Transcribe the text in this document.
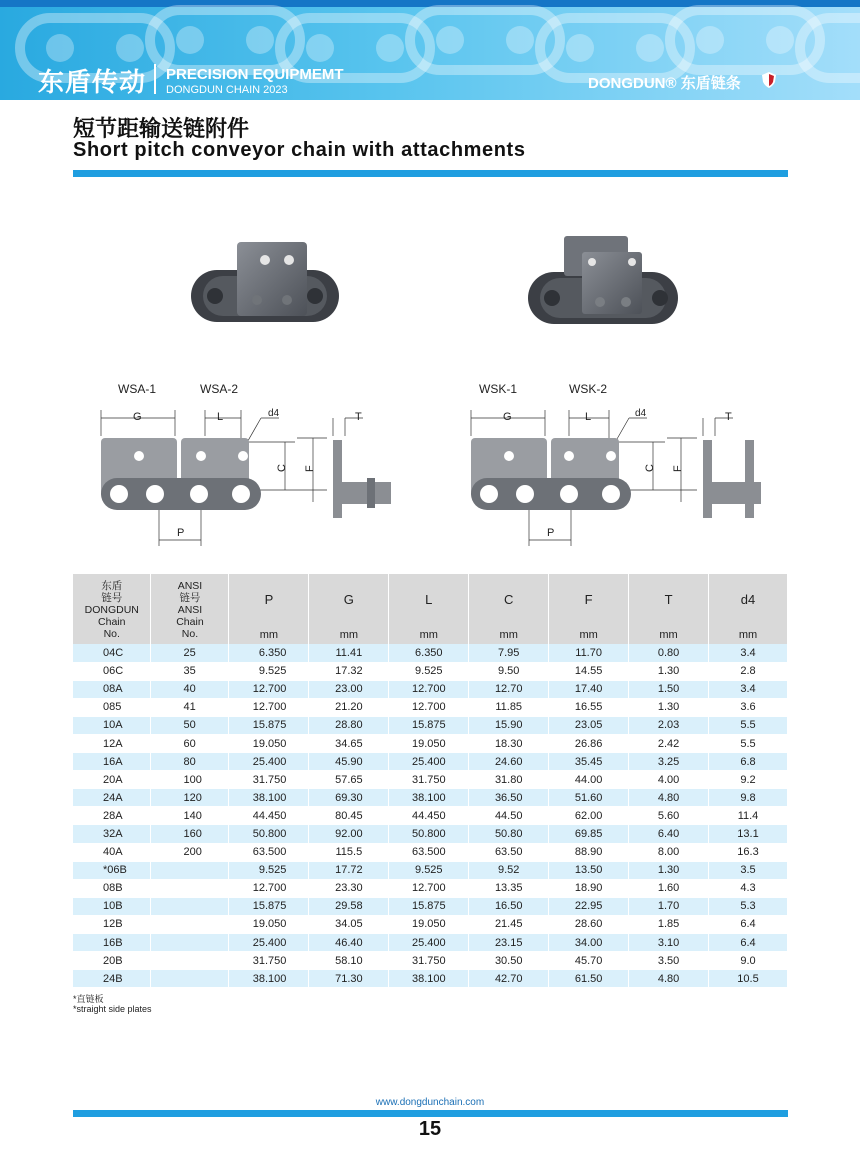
东盾传动 PRECISION EQUIPMEMT
DONGDUN CHAIN 2023	DONGDUN® 东盾链条
短节距输送链附件
Short pitch conveyor chain with attachments
WSA-1	WSA-2
G	L	d4
C F
T
P
WSK-1	WSK-2
G	L	d4
C F
T
P
东盾
链号
DONGDUN
Chain
No.	ANSI
链号
ANSI
Chain
No.	P	G	L	C	F	T	d4
		mm	mm	mm	mm	mm	mm	mm
04C	25	6.350	11.41	6.350	7.95	11.70	0.80	3.4
06C	35	9.525	17.32	9.525	9.50	14.55	1.30	2.8
08A	40	12.700	23.00	12.700	12.70	17.40	1.50	3.4
085	41	12.700	21.20	12.700	11.85	16.55	1.30	3.6
10A	50	15.875	28.80	15.875	15.90	23.05	2.03	5.5
12A	60	19.050	34.65	19.050	18.30	26.86	2.42	5.5
16A	80	25.400	45.90	25.400	24.60	35.45	3.25	6.8
20A	100	31.750	57.65	31.750	31.80	44.00	4.00	9.2
24A	120	38.100	69.30	38.100	36.50	51.60	4.80	9.8
28A	140	44.450	80.45	44.450	44.50	62.00	5.60	11.4
32A	160	50.800	92.00	50.800	50.80	69.85	6.40	13.1
40A	200	63.500	115.5	63.500	63.50	88.90	8.00	16.3
*06B		9.525	17.72	9.525	9.52	13.50	1.30	3.5
08B		12.700	23.30	12.700	13.35	18.90	1.60	4.3
10B		15.875	29.58	15.875	16.50	22.95	1.70	5.3
12B		19.050	34.05	19.050	21.45	28.60	1.85	6.4
16B		25.400	46.40	25.400	23.15	34.00	3.10	6.4
20B		31.750	58.10	31.750	30.50	45.70	3.50	9.0
24B		38.100	71.30	38.100	42.70	61.50	4.80	10.5
*直链板
*straight side plates
www.dongdunchain.com
15
